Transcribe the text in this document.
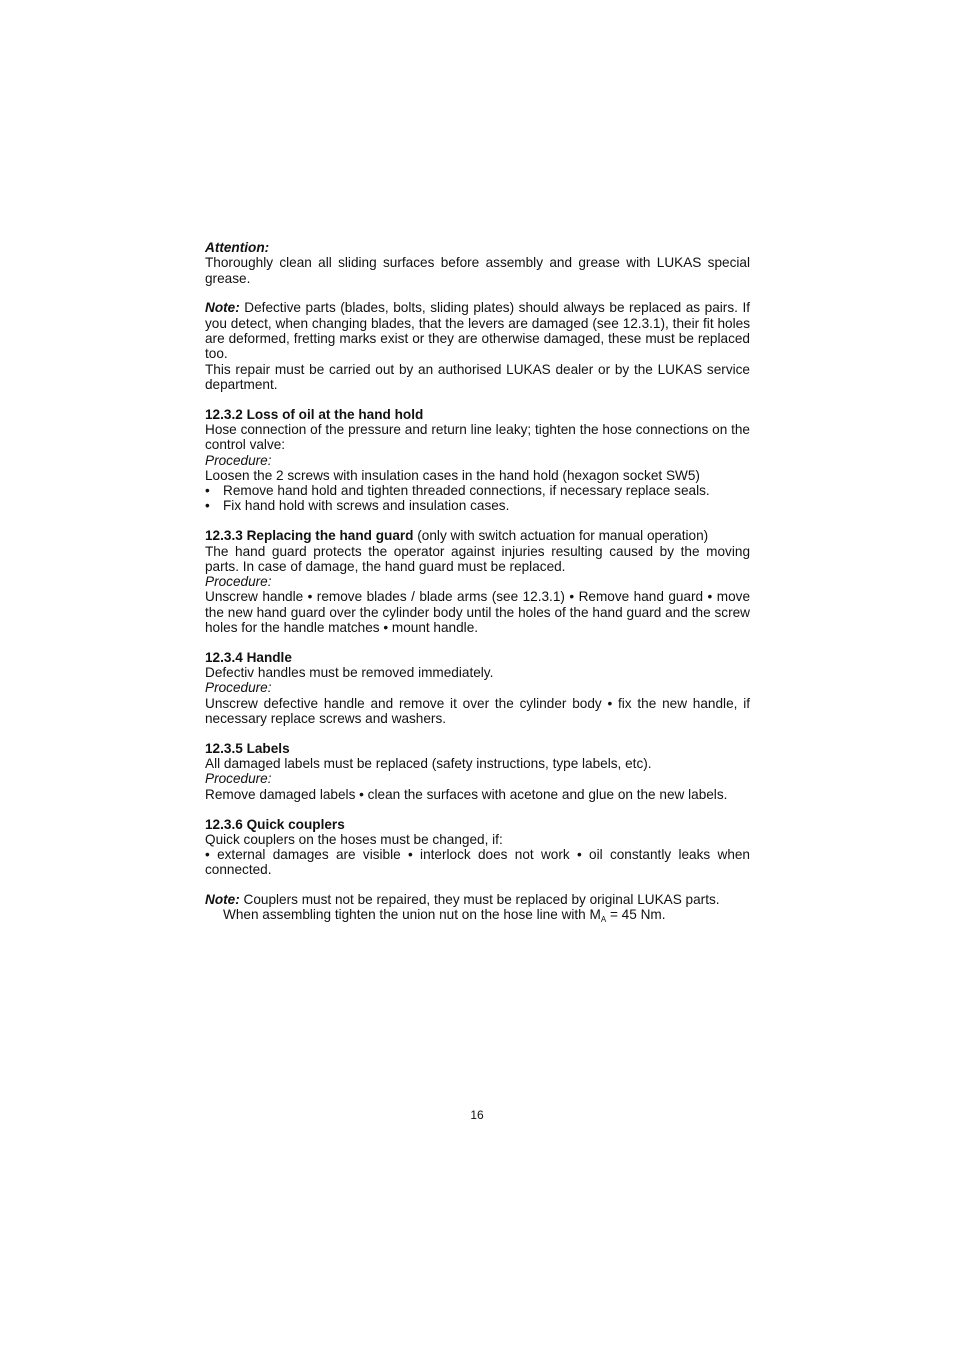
Attention:

Thoroughly clean all sliding surfaces before assembly and grease with LUKAS special grease.

Note: Defective parts (blades, bolts, sliding plates) should always be replaced as pairs. If you detect, when changing blades, that the levers are damaged (see 12.3.1), their fit holes are deformed, fretting marks exist or they are otherwise damaged, these must be replaced too.

This repair must be carried out by an authorised LUKAS dealer or by the LUKAS service department.

12.3.2 Loss of oil at the hand hold

Hose connection of the pressure and return line leaky; tighten the hose connections on the control valve:

Procedure:

Loosen the 2 screws with insulation cases in the hand hold (hexagon socket SW5)

• Remove hand hold and tighten threaded connections, if necessary replace seals.
• Fix hand hold with screws and insulation cases.

12.3.3 Replacing the hand guard (only with switch actuation for manual operation)

The hand guard protects the operator against injuries resulting caused by the moving parts. In case of damage, the hand guard must be replaced.

Procedure:

Unscrew handle • remove blades / blade arms (see 12.3.1) • Remove hand guard • move the new hand guard over the cylinder body until the holes of the hand guard and the screw holes for the handle matches • mount handle.

12.3.4 Handle

Defectiv handles must be removed immediately.

Procedure:

Unscrew defective handle and remove it over the cylinder body • fix the new handle, if necessary replace screws and washers.

12.3.5 Labels

All damaged labels must be replaced (safety instructions, type labels, etc).

Procedure:

Remove damaged labels • clean the surfaces with acetone and glue on the new labels.

12.3.6 Quick couplers

Quick couplers on the hoses must be changed, if:

• external damages are visible • interlock does not work • oil constantly leaks when connected.

Note: Couplers must not be repaired, they must be replaced by original LUKAS parts.

When assembling tighten the union nut on the hose line with $M_A = 45$ Nm.

16
